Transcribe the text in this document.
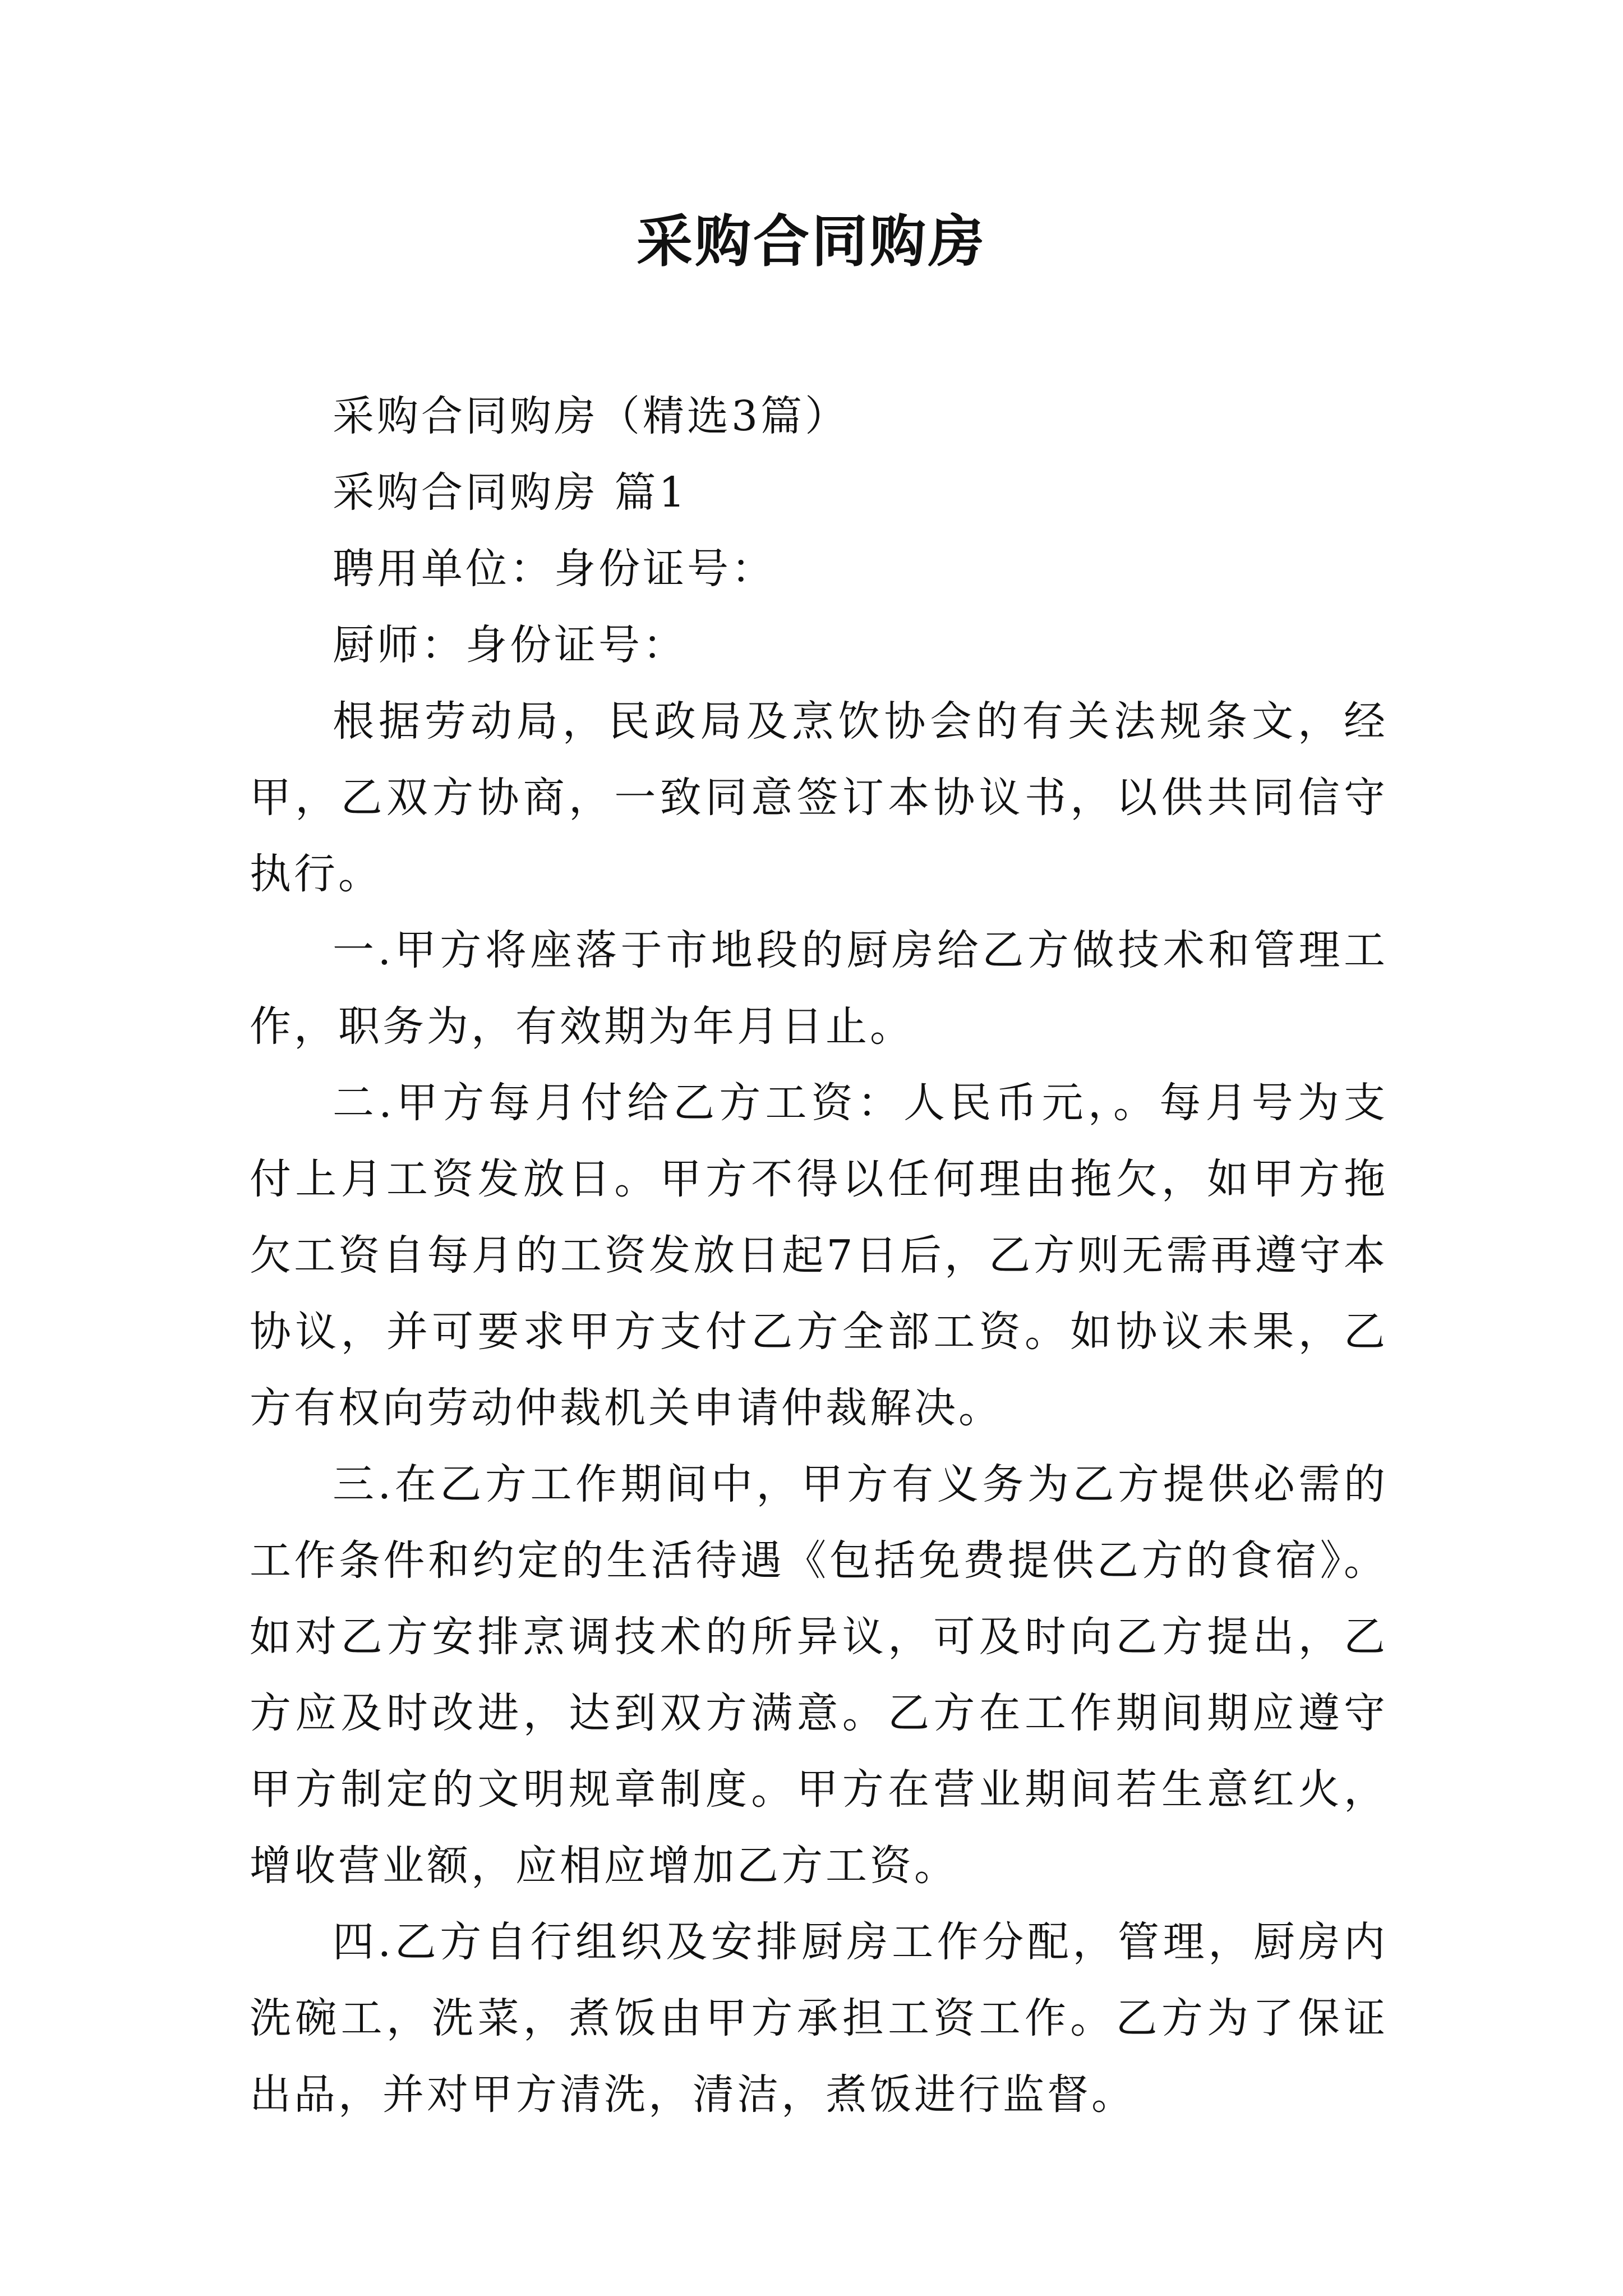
采购合同购房

采购合同购房（精选3篇）

采购合同购房 篇1

聘用单位：身份证号：

厨师：身份证号：

根据劳动局，民政局及烹饮协会的有关法规条文，经甲，乙双方协商，一致同意签订本协议书，以供共同信守执行。

一.甲方将座落于市地段的厨房给乙方做技术和管理工作，职务为，有效期为年月日止。

二.甲方每月付给乙方工资：人民币元，。每月号为支付上月工资发放日。甲方不得以任何理由拖欠，如甲方拖欠工资自每月的工资发放日起7日后，乙方则无需再遵守本协议，并可要求甲方支付乙方全部工资。如协议未果，乙方有权向劳动仲裁机关申请仲裁解决。

三.在乙方工作期间中，甲方有义务为乙方提供必需的工作条件和约定的生活待遇《包括免费提供乙方的食宿》。如对乙方安排烹调技术的所异议，可及时向乙方提出，乙方应及时改进，达到双方满意。乙方在工作期间期应遵守甲方制定的文明规章制度。甲方在营业期间若生意红火，增收营业额，应相应增加乙方工资。

四.乙方自行组织及安排厨房工作分配，管理，厨房内洗碗工，洗菜，煮饭由甲方承担工资工作。乙方为了保证出品，并对甲方清洗，清洁，煮饭进行监督。
